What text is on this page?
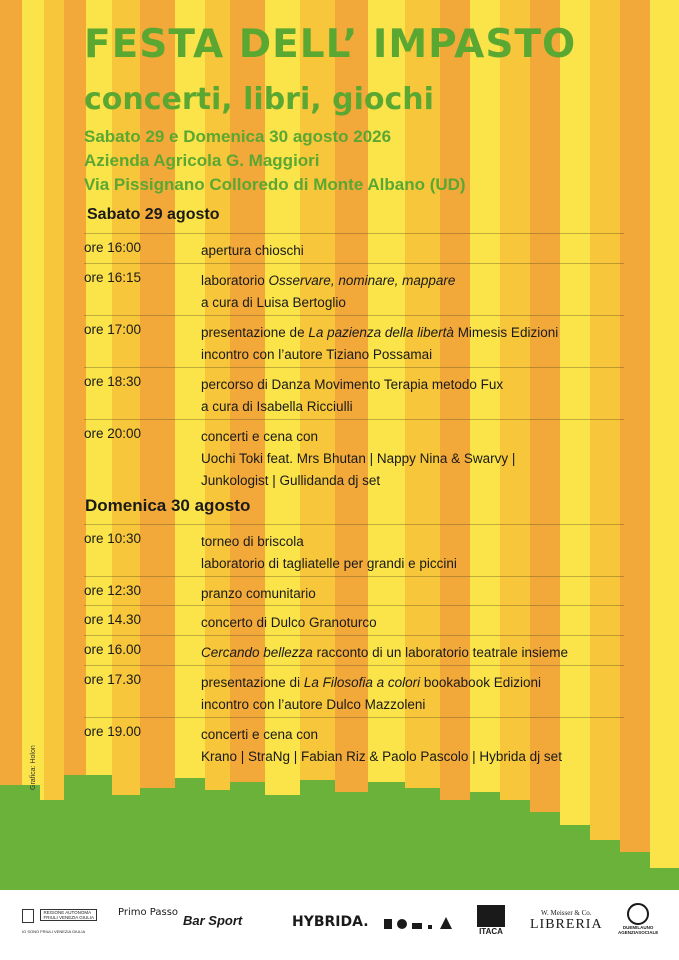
FESTA DELL’ IMPASTO
concerti, libri, giochi
Sabato 29 e Domenica 30 agosto 2026
Azienda Agricola G. Maggiori
Via Pissignano Colloredo di Monte Albano (UD)
Sabato 29 agosto
ore 16:00	apertura chioschi
ore 16:15	laboratorio Osservare, nominare, mappare
a cura di Luisa Bertoglio
ore 17:00	presentazione de La pazienza della libertà Mimesis Edizioni
incontro con l’autore Tiziano Possamai
ore 18:30	percorso di Danza Movimento Terapia metodo Fux
a cura di Isabella Ricciulli
ore 20:00	concerti e cena con
Uochi Toki feat. Mrs Bhutan | Nappy Nina & Swarvy |
Junkologist | Gullidanda dj set
Domenica 30 agosto
ore 10:30	torneo di briscola
laboratorio di tagliatelle per grandi e piccini
ore 12:30	pranzo comunitario
ore 14.30	concerto di Dulco Granoturco
ore 16.00	Cercando bellezza racconto di un laboratorio teatrale insieme
ore 17.30	presentazione di La Filosofia a colori bookabook Edizioni
incontro con l’autore Dulco Mazzoleni
ore 19.00	concerti e cena con
Krano | StraNg | Fabian Riz & Paolo Pascolo | Hybrida dj set
Grafica: Holon

REGIONE AUTONOMA
FRIULI VENEZIA GIULIA
IO SONO FRIULI VENEZIA GIULIA
Primo Passo
Bar Sport	HYBRIDA.
ITACA
W. Meisser & Co.
LIBRERIA	DUEMILAUNO
AGENZIASOCIALE
